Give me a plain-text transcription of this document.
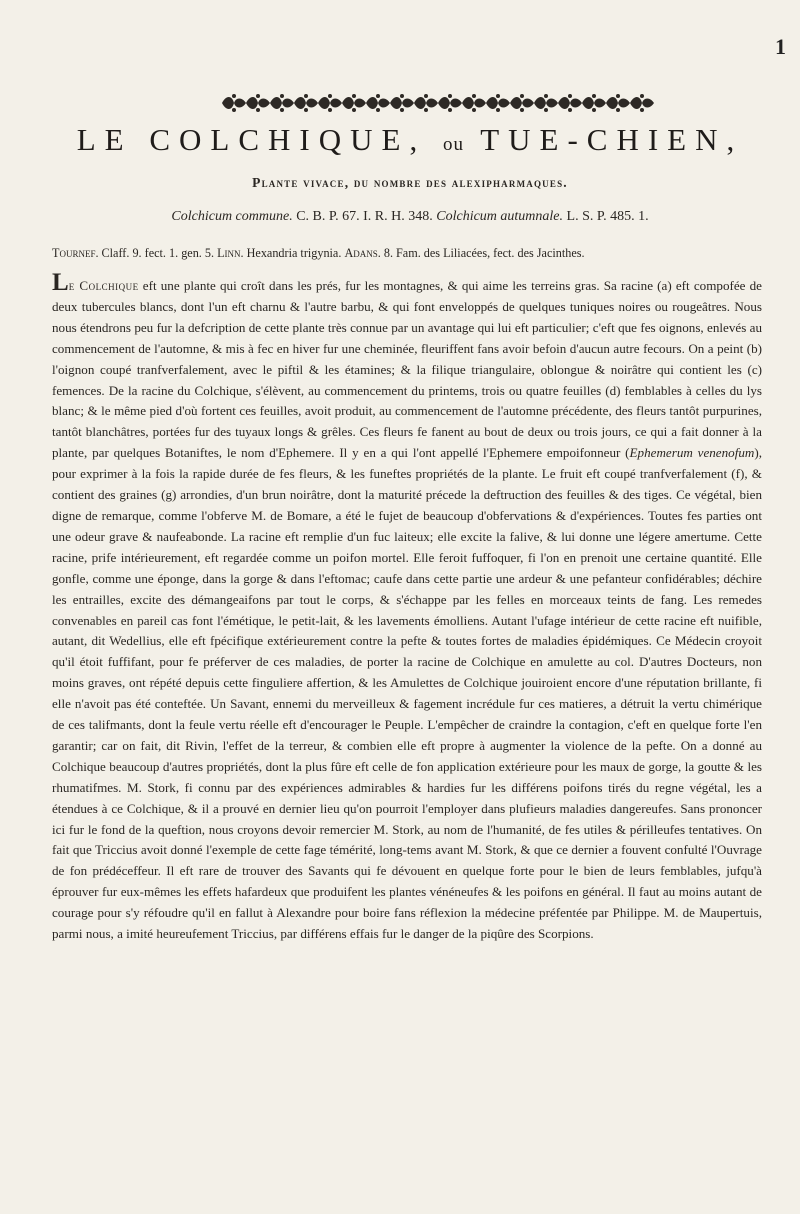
1
LE COLCHIQUE, ou TUE-CHIEN,
Plante vivace, du nombre des alexipharmaques.
Colchicum commune. C. B. P. 67. I. R. H. 348. Colchicum autumnale. L. S. P. 485. 1.
Tournef. Claff. 9. fect. 1. gen. 5. Linn. Hexandria trigynia. Adans. 8. Fam. des Liliacées, fect. des Jacinthes.
Le Colchique eft une plante qui croît dans les prés, fur les montagnes, & qui aime les terreins gras. Sa racine (a) eft compofée de deux tubercules blancs, dont l'un eft charnu & l'autre barbu, & qui font enveloppés de quelques tuniques noires ou rougeâtres. Nous nous étendrons peu fur la defcription de cette plante très connue par un avantage qui lui eft particulier; c'eft que fes oignons, enlevés au commencement de l'automne, & mis à fec en hiver fur une cheminée, fleuriffent fans avoir befoin d'aucun autre fecours. On a peint (b) l'oignon coupé tranfverfalement, avec le piftil & les étamines; & la filique triangulaire, oblongue & noirâtre qui contient les (c) femences. De la racine du Colchique, s'élèvent, au commencement du printems, trois ou quatre feuilles (d) femblables à celles du lys blanc; & le même pied d'où fortent ces feuilles, avoit produit, au commencement de l'automne précédente, des fleurs tantôt purpurines, tantôt blanchâtres, portées fur des tuyaux longs & grêles. Ces fleurs fe fanent au bout de deux ou trois jours, ce qui a fait donner à la plante, par quelques Botaniftes, le nom d'Ephemere. Il y en a qui l'ont appellé l'Ephemere empoifonneur (Ephemerum venenofum), pour exprimer à la fois la rapide durée de fes fleurs, & les funeftes propriétés de la plante. Le fruit eft coupé tranfverfalement (f), & contient des graines (g) arrondies, d'un brun noirâtre, dont la maturité précede la deftruction des feuilles & des tiges. Ce végétal, bien digne de remarque, comme l'obferve M. de Bomare, a été le fujet de beaucoup d'obfervations & d'expériences. Toutes fes parties ont une odeur grave & naufeabonde. La racine eft remplie d'un fuc laiteux; elle excite la falive, & lui donne une légere amertume. Cette racine, prife intérieurement, eft regardée comme un poifon mortel. Elle feroit fuffoquer, fi l'on en prenoit une certaine quantité. Elle gonfle, comme une éponge, dans la gorge & dans l'eftomac; caufe dans cette partie une ardeur & une pefanteur confidérables; déchire les entrailles, excite des démangeaifons par tout le corps, & s'échappe par les felles en morceaux teints de fang. Les remedes convenables en pareil cas font l'émétique, le petit-lait, & les lavements émolliens. Autant l'ufage intérieur de cette racine eft nuifible, autant, dit Wedellius, elle eft fpécifique extérieurement contre la pefte & toutes fortes de maladies épidémiques. Ce Médecin croyoit qu'il étoit fuffifant, pour fe préferver de ces maladies, de porter la racine de Colchique en amulette au col. D'autres Docteurs, non moins graves, ont répété depuis cette finguliere affertion, & les Amulettes de Colchique jouiroient encore d'une réputation brillante, fi elle n'avoit pas été conteftée. Un Savant, ennemi du merveilleux & fagement incrédule fur ces matieres, a détruit la vertu chimérique de ces talifmants, dont la feule vertu réelle eft d'encourager le Peuple. L'empêcher de craindre la contagion, c'eft en quelque forte l'en garantir; car on fait, dit Rivin, l'effet de la terreur, & combien elle eft propre à augmenter la violence de la pefte. On a donné au Colchique beaucoup d'autres propriétés, dont la plus fûre eft celle de fon application extérieure pour les maux de gorge, la goutte & les rhumatifmes. M. Stork, fi connu par des expériences admirables & hardies fur les différens poifons tirés du regne végétal, les a étendues à ce Colchique, & il a prouvé en dernier lieu qu'on pourroit l'employer dans plufieurs maladies dangereufes. Sans prononcer ici fur le fond de la queftion, nous croyons devoir remercier M. Stork, au nom de l'humanité, de fes utiles & périlleufes tentatives. On fait que Triccius avoit donné l'exemple de cette fage témérité, long-tems avant M. Stork, & que ce dernier a fouvent confulté l'Ouvrage de fon prédéceffeur. Il eft rare de trouver des Savants qui fe dévouent en quelque forte pour le bien de leurs femblables, jufqu'à éprouver fur eux-mêmes les effets hafardeux que produifent les plantes vénéneufes & les poifons en général. Il faut au moins autant de courage pour s'y réfoudre qu'il en fallut à Alexandre pour boire fans réflexion la médecine préfentée par Philippe. M. de Maupertuis, parmi nous, a imité heureufement Triccius, par différens effais fur le danger de la piqûre des Scorpions.
